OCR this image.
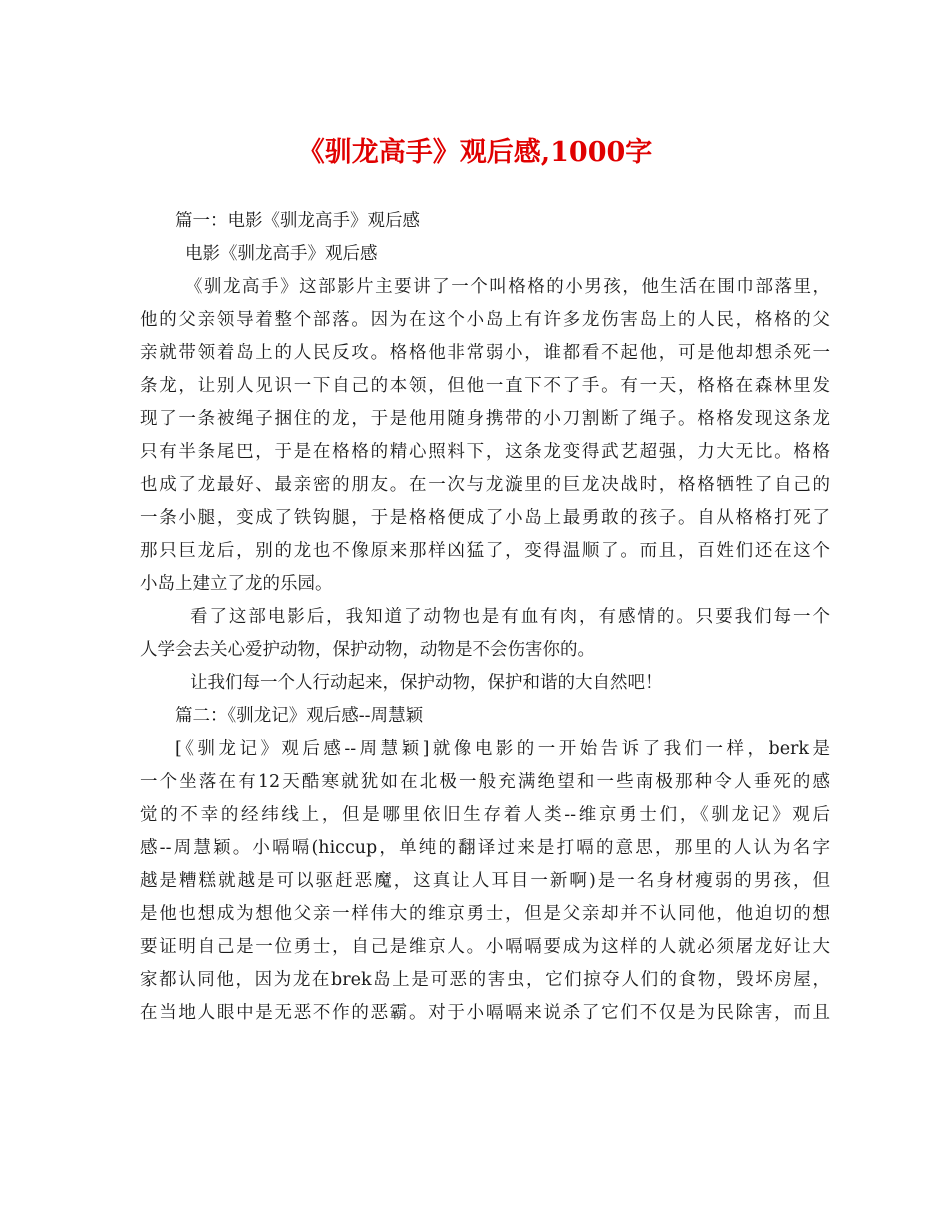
《驯龙高手》观后感,1000字
篇一：电影《驯龙高手》观后感
电影《驯龙高手》观后感
《驯龙高手》这部影片主要讲了一个叫格格的小男孩，他生活在围巾部落里，
他的父亲领导着整个部落。因为在这个小岛上有许多龙伤害岛上的人民，格格的父
亲就带领着岛上的人民反攻。格格他非常弱小，谁都看不起他，可是他却想杀死一
条龙，让别人见识一下自己的本领，但他一直下不了手。有一天，格格在森林里发
现了一条被绳子捆住的龙，于是他用随身携带的小刀割断了绳子。格格发现这条龙
只有半条尾巴，于是在格格的精心照料下，这条龙变得武艺超强，力大无比。格格
也成了龙最好、最亲密的朋友。在一次与龙漩里的巨龙决战时，格格牺牲了自己的
一条小腿，变成了铁钩腿，于是格格便成了小岛上最勇敢的孩子。自从格格打死了
那只巨龙后，别的龙也不像原来那样凶猛了，变得温顺了。而且，百姓们还在这个
小岛上建立了龙的乐园。
看了这部电影后，我知道了动物也是有血有肉，有感情的。只要我们每一个
人学会去关心爱护动物，保护动物，动物是不会伤害你的。
让我们每一个人行动起来，保护动物，保护和谐的大自然吧！
篇二：《驯龙记》观后感--周慧颖
[《驯龙记》观后感--周慧颖]就像电影的一开始告诉了我们一样，berk是
一个坐落在有12天酷寒就犹如在北极一般充满绝望和一些南极那种令人垂死的感
觉的不幸的经纬线上，但是哪里依旧生存着人类--维京勇士们，《驯龙记》观后
感--周慧颖。小嗝嗝(hiccup，单纯的翻译过来是打嗝的意思，那里的人认为名字
越是糟糕就越是可以驱赶恶魔，这真让人耳目一新啊)是一名身材瘦弱的男孩，但
是他也想成为想他父亲一样伟大的维京勇士，但是父亲却并不认同他，他迫切的想
要证明自己是一位勇士，自己是维京人。小嗝嗝要成为这样的人就必须屠龙好让大
家都认同他，因为龙在brek岛上是可恶的害虫，它们掠夺人们的食物，毁坏房屋，
在当地人眼中是无恶不作的恶霸。对于小嗝嗝来说杀了它们不仅是为民除害，而且
